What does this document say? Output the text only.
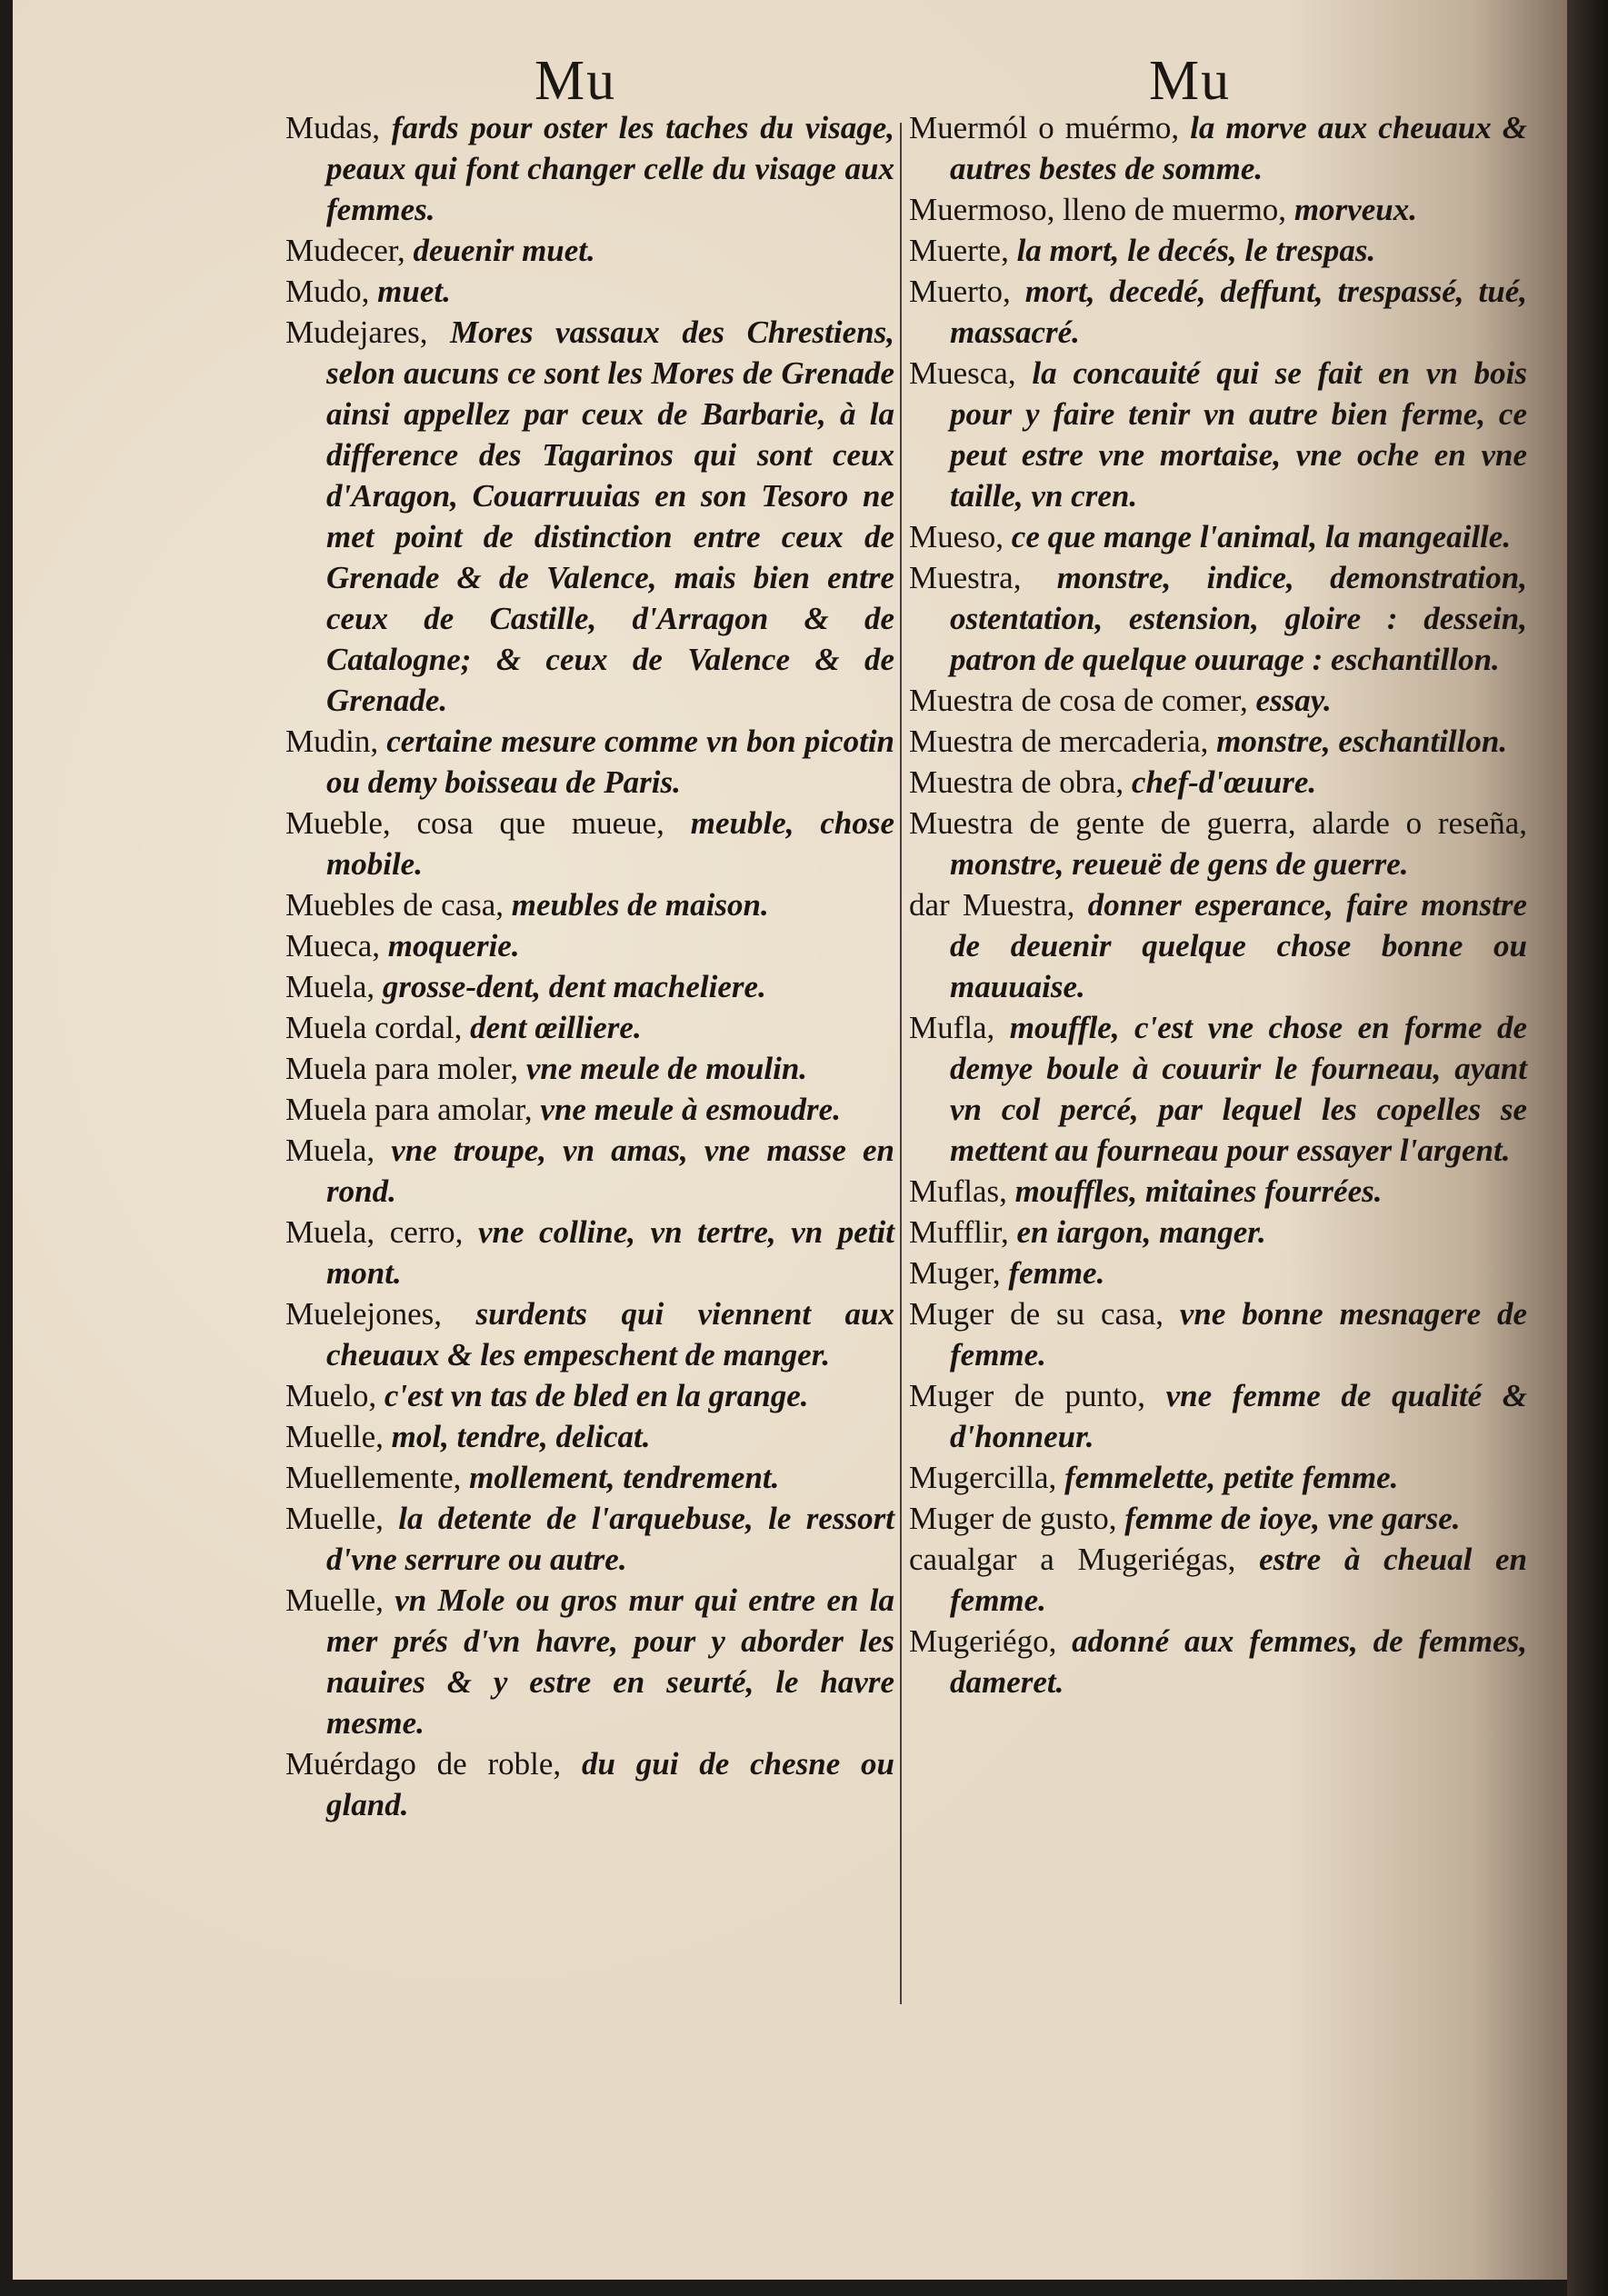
Mu	Mu

Mudas, fards pour oster les taches du visage, peaux qui font changer celle du visage aux femmes.

Mudecer, deuenir muet.

Mudo, muet.

Mudejares, Mores vassaux des Chrestiens, selon aucuns ce sont les Mores de Grenade ainsi appellez par ceux de Barbarie, à la difference des Tagarinos qui sont ceux d'Aragon, Couarruuias en son Tesoro ne met point de distinction entre ceux de Grenade & de Valence, mais bien entre ceux de Castille, d'Arragon & de Catalogne; & ceux de Valence & de Grenade.

Mudin, certaine mesure comme vn bon picotin ou demy boisseau de Paris.

Mueble, cosa que mueue, meuble, chose mobile.

Muebles de casa, meubles de maison.

Mueca, moquerie.

Muela, grosse-dent, dent macheliere.

Muela cordal, dent œilliere.

Muela para moler, vne meule de moulin.

Muela para amolar, vne meule à esmoudre.

Muela, vne troupe, vn amas, vne masse en rond.

Muela, cerro, vne colline, vn tertre, vn petit mont.

Muelejones, surdents qui viennent aux cheuaux & les empeschent de manger.

Muelo, c'est vn tas de bled en la grange.

Muelle, mol, tendre, delicat.

Muellemente, mollement, tendrement.

Muelle, la detente de l'arquebuse, le ressort d'vne serrure ou autre.

Muelle, vn Mole ou gros mur qui entre en la mer prés d'vn havre, pour y aborder les nauires & y estre en seurté, le havre mesme.

Muérdago de roble, du gui de chesne ou gland.

Muermól o muérmo, la morve aux cheuaux & autres bestes de somme.

Muermoso, lleno de muermo, morveux.

Muerte, la mort, le decés, le trespas.

Muerto, mort, decedé, deffunt, trespassé, tué, massacré.

Muesca, la concauité qui se fait en vn bois pour y faire tenir vn autre bien ferme, ce peut estre vne mortaise, vne oche en vne taille, vn cren.

Mueso, ce que mange l'animal, la mangeaille.

Muestra, monstre, indice, demonstration, ostentation, estension, gloire : dessein, patron de quelque ouurage : eschantillon.

Muestra de cosa de comer, essay.

Muestra de mercaderia, monstre, eschantillon.

Muestra de obra, chef-d'œuure.

Muestra de gente de guerra, alarde o reseña, monstre, reueuë de gens de guerre.

dar Muestra, donner esperance, faire monstre de deuenir quelque chose bonne ou mauuaise.

Mufla, mouffle, c'est vne chose en forme de demye boule à couurir le fourneau, ayant vn col percé, par lequel les copelles se mettent au fourneau pour essayer l'argent.

Muflas, mouffles, mitaines fourrées.

Mufflir, en iargon, manger.

Muger, femme.

Muger de su casa, vne bonne mesnagere de femme.

Muger de punto, vne femme de qualité & d'honneur.

Mugercilla, femmelette, petite femme.

Muger de gusto, femme de ioye, vne garse.

caualgar a Mugeriégas, estre à cheual en femme.

Mugeriégo, adonné aux femmes, de femmes, dameret.
